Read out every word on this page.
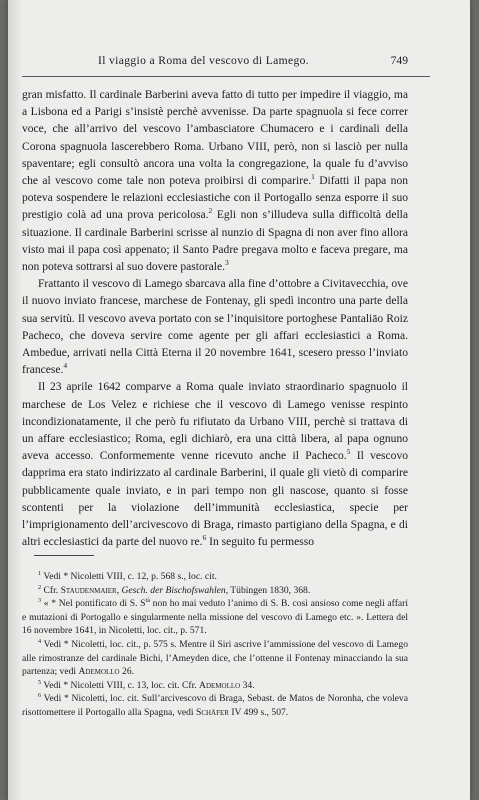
Il viaggio a Roma del vescovo di Lamego.	749

gran misfatto. Il cardinale Barberini aveva fatto di tutto per impedire il viaggio, ma a Lisbona ed a Parigi s’insistè perchè avvenisse. Da parte spagnuola si fece correr voce, che all’arrivo del vescovo l’ambasciatore Chumacero e i cardinali della Corona spagnuola lascerebbero Roma. Urbano VIII, però, non si lasciò per nulla spaventare; egli consultò ancora una volta la congregazione, la quale fu d’avviso che al vescovo come tale non poteva proibirsi di comparire.$^1$ Difatti il papa non poteva sospendere le relazioni ecclesiastiche con il Portogallo senza esporre il suo prestigio colà ad una prova pericolosa.$^2$ Egli non s’illudeva sulla difficoltà della situazione. Il cardinale Barberini scrisse al nunzio di Spagna di non aver fino allora visto mai il papa così appenato; il Santo Padre pregava molto e faceva pregare, ma non poteva sottrarsi al suo dovere pastorale.$^3$

Frattanto il vescovo di Lamego sbarcava alla fine d’ottobre a Civitavecchia, ove il nuovo inviato francese, marchese de Fontenay, gli spedì incontro una parte della sua servitù. Il vescovo aveva portato con se l’inquisitore portoghese Pantaliāo Roiz Pacheco, che doveva servire come agente per gli affari ecclesiastici a Roma. Ambedue, arrivati nella Città Eterna il 20 novembre 1641, scesero presso l’inviato francese.$^4$

Il 23 aprile 1642 comparve a Roma quale inviato straordinario spagnuolo il marchese de Los Velez e richiese che il vescovo di Lamego venisse respinto incondizionatamente, il che però fu rifiutato da Urbano VIII, perchè si trattava di un affare ecclesiastico; Roma, egli dichiarò, era una città libera, al papa ognuno aveva accesso. Conformemente venne ricevuto anche il Pacheco.$^5$ Il vescovo dapprima era stato indirizzato al cardinale Barberini, il quale gli vietò di comparire pubblicamente quale inviato, e in pari tempo non gli nascose, quanto si fosse scontenti per la violazione dell’immunità ecclesiastica, specie per l’imprigionamento dell’arcivescovo di Braga, rimasto partigiano della Spagna, e di altri ecclesiastici da parte del nuovo re.$^6$ In seguito fu permesso

$^1$ Vedi * Nicoletti VIII, c. 12, p. 568 s., loc. cit.

$^2$ Cfr. Staudenmaier, Gesch. der Bischofswahlen, Tübingen 1830, 368.

$^3$ « * Nel pontificato di S. $S^{tà}$ non ho mai veduto l’animo di S. B. così ansioso come negli affari e mutazioni di Portogallo e singularmente nella missione del vescovo di Lamego etc. ». Lettera del 16 novembre 1641, in Nicoletti, loc. cit., p. 571.

$^4$ Vedi * Nicoletti, loc. cit., p. 575 s. Mentre il Siri ascrive l’ammissione del vescovo di Lamego alle rimostranze del cardinale Bichi, l’Ameyden dice, che l’ottenne il Fontenay minacciando la sua partenza; vedi Ademollo 26.

$^5$ Vedi * Nicoletti VIII, c. 13, loc. cit. Cfr. Ademollo 34.

$^6$ Vedi * Nicoletti, loc. cit. Sull’arcivescovo di Braga, Sebast. de Matos de Noronha, che voleva risottomettere il Portogallo alla Spagna, vedi Schäfer IV 499 s., 507.
